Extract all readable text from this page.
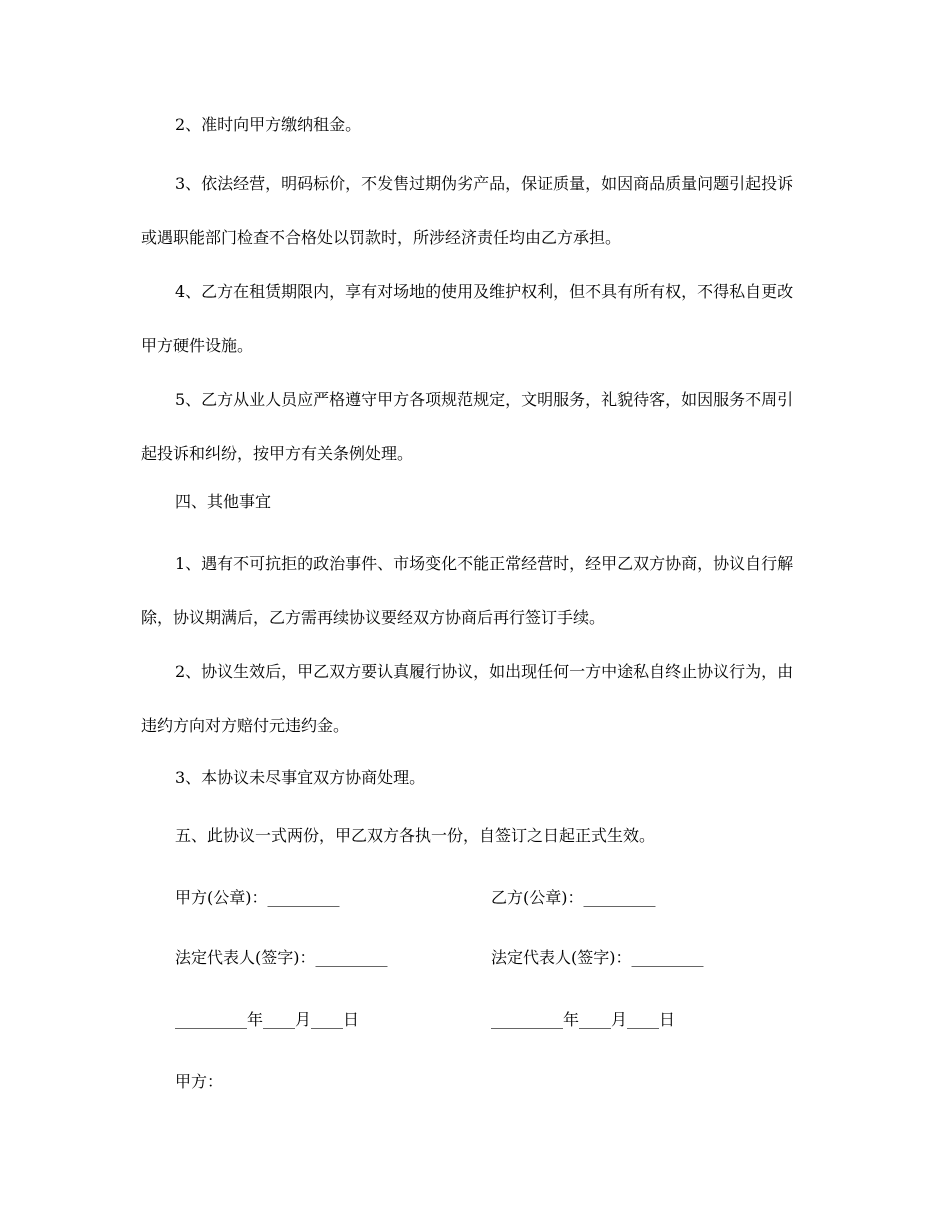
2、准时向甲方缴纳租金。

3、依法经营，明码标价，不发售过期伪劣产品，保证质量，如因商品质量问题引起投诉或遇职能部门检查不合格处以罚款时，所涉经济责任均由乙方承担。

4、乙方在租赁期限内，享有对场地的使用及维护权利，但不具有所有权，不得私自更改甲方硬件设施。

5、乙方从业人员应严格遵守甲方各项规范规定，文明服务，礼貌待客，如因服务不周引起投诉和纠纷，按甲方有关条例处理。

四、其他事宜

1、遇有不可抗拒的政治事件、市场变化不能正常经营时，经甲乙双方协商，协议自行解除，协议期满后，乙方需再续协议要经双方协商后再行签订手续。

2、协议生效后，甲乙双方要认真履行协议，如出现任何一方中途私自终止协议行为，由违约方向对方赔付元违约金。

3、本协议未尽事宜双方协商处理。

五、此协议一式两份，甲乙双方各执一份，自签订之日起正式生效。

甲方(公章)：_________	乙方(公章)：_________
法定代表人(签字)：_________	法定代表人(签字)：_________
_________年____月____日	_________年____月____日
甲方：
